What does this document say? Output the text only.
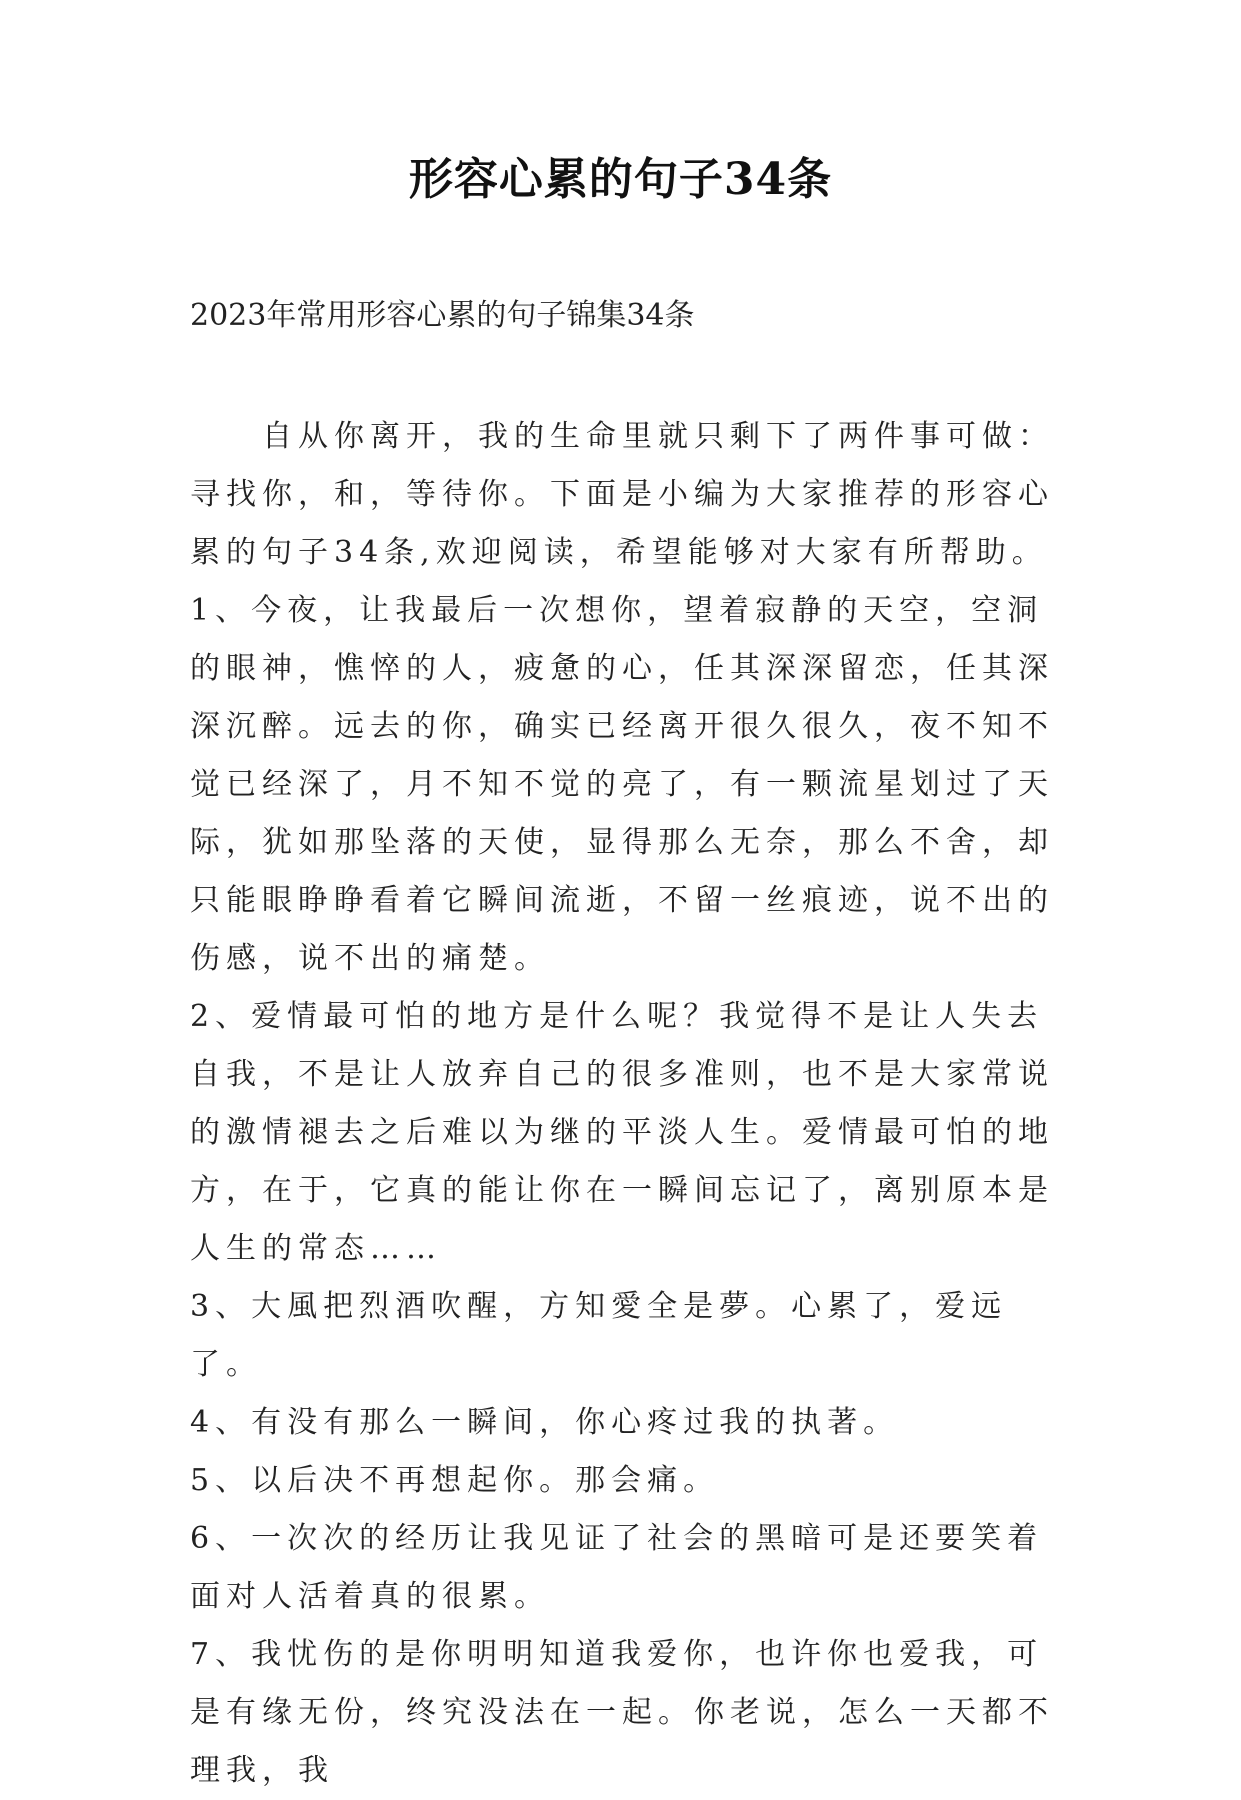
形容心累的句子34条

2023年常用形容心累的句子锦集34条

自从你离开，我的生命里就只剩下了两件事可做：寻找你，和，等待你。下面是小编为大家推荐的形容心累的句子34条,欢迎阅读，希望能够对大家有所帮助。

1、今夜，让我最后一次想你，望着寂静的天空，空洞的眼神，憔悴的人，疲惫的心，任其深深留恋，任其深深沉醉。远去的你，确实已经离开很久很久，夜不知不觉已经深了，月不知不觉的亮了，有一颗流星划过了天际，犹如那坠落的天使，显得那么无奈，那么不舍，却只能眼睁睁看着它瞬间流逝，不留一丝痕迹，说不出的伤感，说不出的痛楚。

2、爱情最可怕的地方是什么呢？我觉得不是让人失去自我，不是让人放弃自己的很多准则，也不是大家常说的激情褪去之后难以为继的平淡人生。爱情最可怕的地方，在于，它真的能让你在一瞬间忘记了，离别原本是人生的常态……

3、大風把烈酒吹醒，方知愛全是夢。心累了，爱远了。

4、有没有那么一瞬间，你心疼过我的执著。

5、以后决不再想起你。那会痛。

6、一次次的经历让我见证了社会的黑暗可是还要笑着面对人活着真的很累。

7、我忧伤的是你明明知道我爱你，也许你也爱我，可是有缘无份，终究没法在一起。你老说，怎么一天都不理我，我
